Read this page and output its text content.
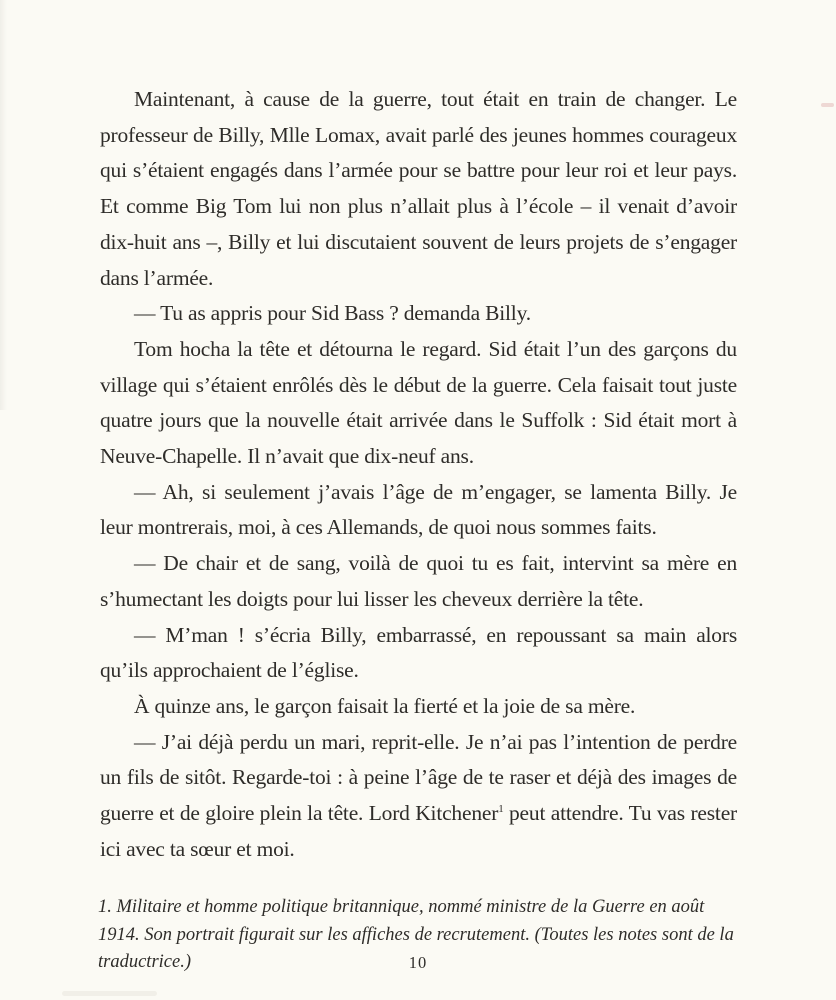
Maintenant, à cause de la guerre, tout était en train de changer. Le professeur de Billy, Mlle Lomax, avait parlé des jeunes hommes courageux qui s’étaient engagés dans l’armée pour se battre pour leur roi et leur pays. Et comme Big Tom lui non plus n’allait plus à l’école – il venait d’avoir dix-huit ans –, Billy et lui discutaient souvent de leurs projets de s’engager dans l’armée.

— Tu as appris pour Sid Bass ? demanda Billy.

Tom hocha la tête et détourna le regard. Sid était l’un des garçons du village qui s’étaient enrôlés dès le début de la guerre. Cela faisait tout juste quatre jours que la nouvelle était arrivée dans le Suffolk : Sid était mort à Neuve-Chapelle. Il n’avait que dix-neuf ans.

— Ah, si seulement j’avais l’âge de m’engager, se lamenta Billy. Je leur montrerais, moi, à ces Allemands, de quoi nous sommes faits.

— De chair et de sang, voilà de quoi tu es fait, intervint sa mère en s’humectant les doigts pour lui lisser les cheveux derrière la tête.

— M’man ! s’écria Billy, embarrassé, en repoussant sa main alors qu’ils approchaient de l’église.

À quinze ans, le garçon faisait la fierté et la joie de sa mère.

— J’ai déjà perdu un mari, reprit-elle. Je n’ai pas l’intention de perdre un fils de sitôt. Regarde-toi : à peine l’âge de te raser et déjà des images de guerre et de gloire plein la tête. Lord Kitchener$^1$ peut attendre. Tu vas rester ici avec ta sœur et moi.

1. Militaire et homme politique britannique, nommé ministre de la Guerre en août 1914. Son portrait figurait sur les affiches de recrutement. (Toutes les notes sont de la traductrice.)	10
